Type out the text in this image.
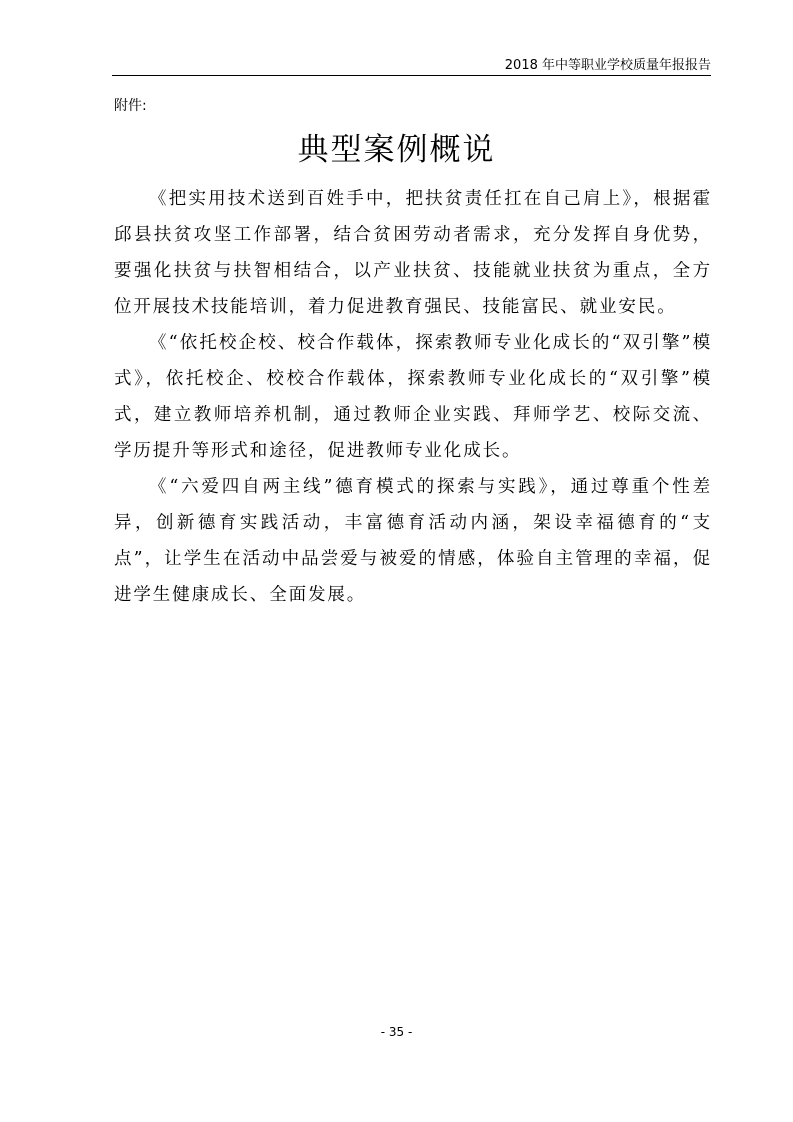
2018 年中等职业学校质量年报报告
附件:
典型案例概说

《把实用技术送到百姓手中，把扶贫责任扛在自己肩上》，根据霍邱县扶贫攻坚工作部署，结合贫困劳动者需求，充分发挥自身优势，要强化扶贫与扶智相结合，以产业扶贫、技能就业扶贫为重点，全方位开展技术技能培训，着力促进教育强民、技能富民、就业安民。

《“依托校企校、校合作载体，探索教师专业化成长的“双引擎”模式》，依托校企、校校合作载体，探索教师专业化成长的“双引擎”模式，建立教师培养机制，通过教师企业实践、拜师学艺、校际交流、学历提升等形式和途径，促进教师专业化成长。

《“六爱四自两主线”德育模式的探索与实践》，通过尊重个性差异，创新德育实践活动，丰富德育活动内涵，架设幸福德育的“支点”，让学生在活动中品尝爱与被爱的情感，体验自主管理的幸福，促进学生健康成长、全面发展。

- 35 -
